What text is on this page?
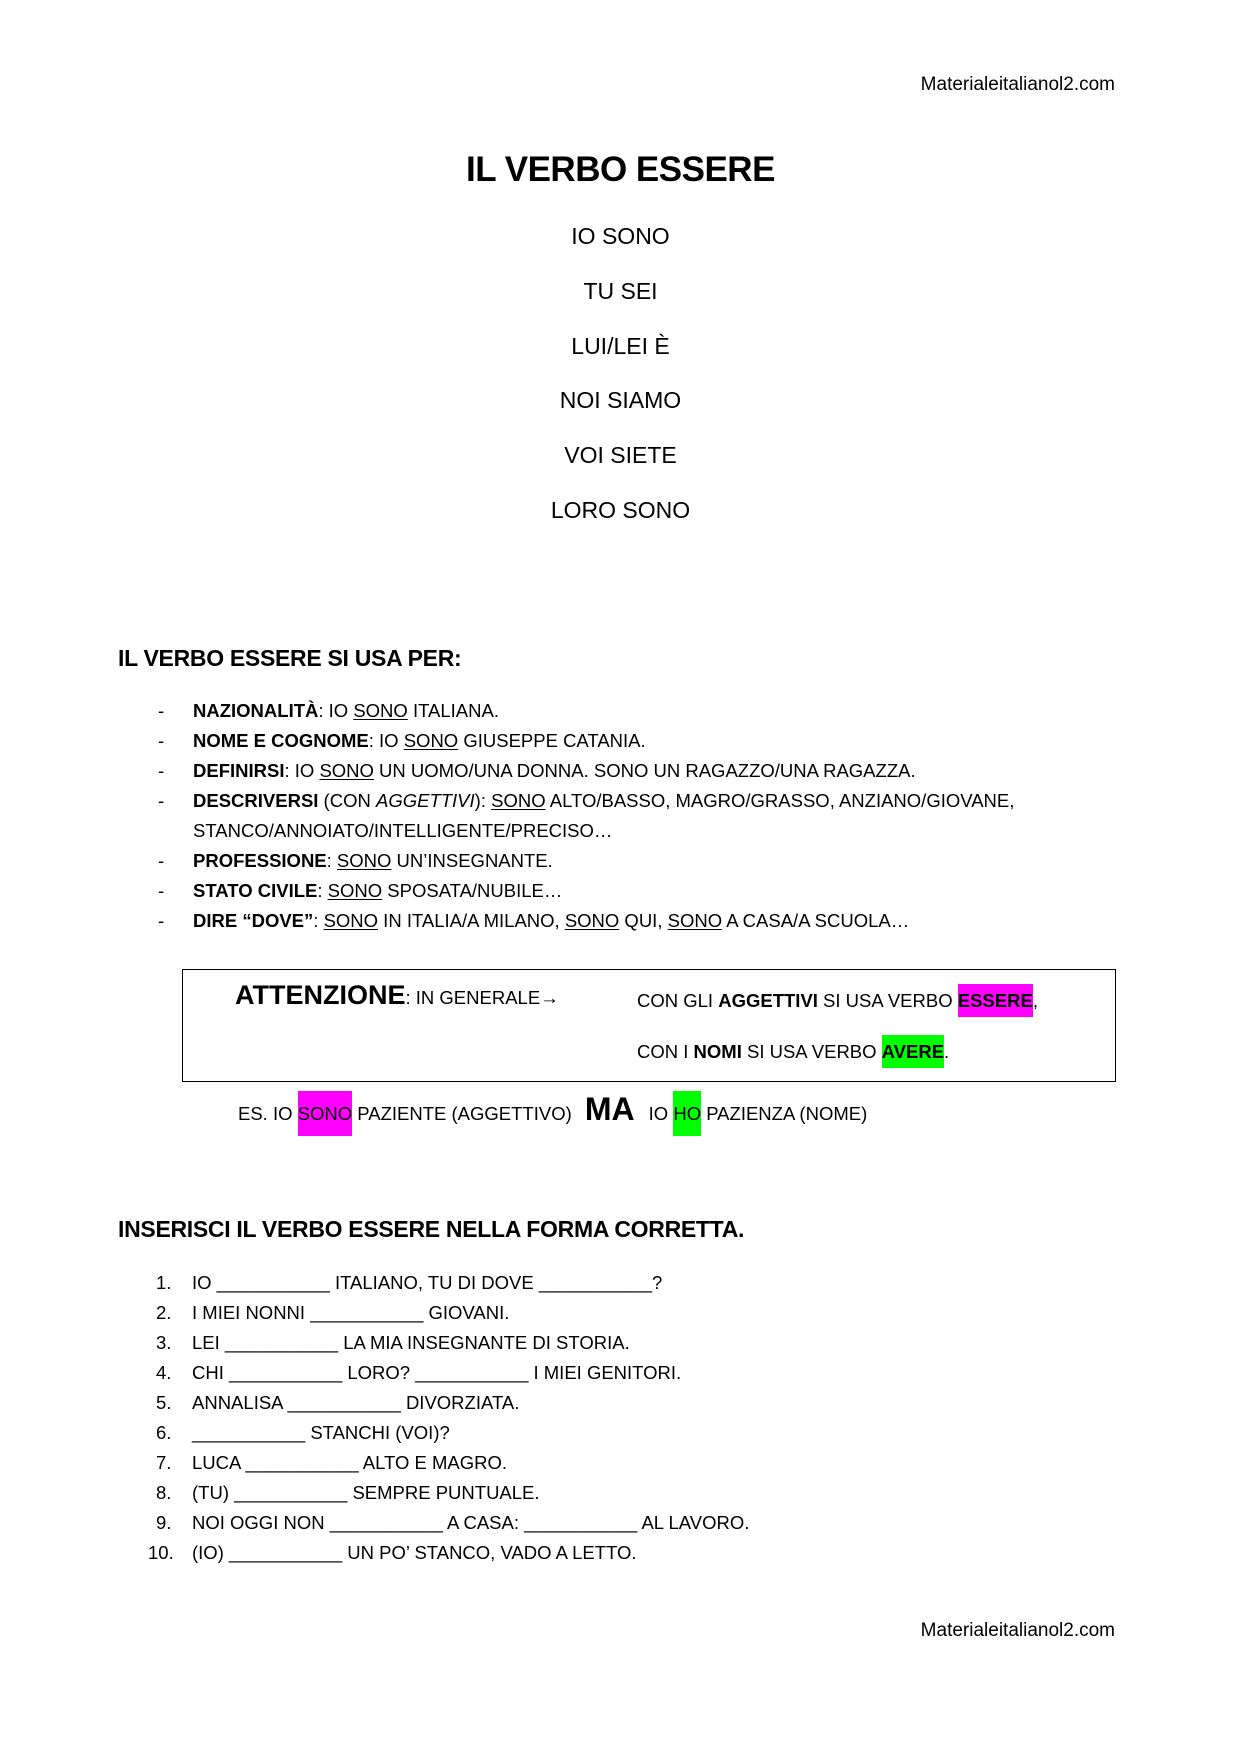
Materialeitalianol2.com
IL VERBO ESSERE
IO SONO
TU SEI
LUI/LEI È
NOI SIAMO
VOI SIETE
LORO SONO
IL VERBO ESSERE SI USA PER:
- NAZIONALITÀ: IO SONO ITALIANA.
- NOME E COGNOME: IO SONO GIUSEPPE CATANIA.
- DEFINIRSI: IO SONO UN UOMO/UNA DONNA. SONO UN RAGAZZO/UNA RAGAZZA.
- DESCRIVERSI (CON AGGETTIVI): SONO ALTO/BASSO, MAGRO/GRASSO, ANZIANO/GIOVANE,
STANCO/ANNOIATO/INTELLIGENTE/PRECISO…
- PROFESSIONE: SONO UN’INSEGNANTE.
- STATO CIVILE: SONO SPOSATA/NUBILE…
- DIRE “DOVE”: SONO IN ITALIA/A MILANO, SONO QUI, SONO A CASA/A SCUOLA…
ATTENZIONE: IN GENERALE→	CON GLI AGGETTIVI SI USA VERBO ESSERE,
CON I NOMI SI USA VERBO AVERE.
ES. IO SONO PAZIENTE (AGGETTIVO) MA IO HO PAZIENZA (NOME)
INSERISCI IL VERBO ESSERE NELLA FORMA CORRETTA.
1. IO ___________ ITALIANO, TU DI DOVE ___________?
2. I MIEI NONNI ___________ GIOVANI.
3. LEI ___________ LA MIA INSEGNANTE DI STORIA.
4. CHI ___________ LORO? ___________ I MIEI GENITORI.
5. ANNALISA ___________ DIVORZIATA.
6. ___________ STANCHI (VOI)?
7. LUCA ___________ ALTO E MAGRO.
8. (TU) ___________ SEMPRE PUNTUALE.
9. NOI OGGI NON ___________ A CASA: ___________ AL LAVORO.
10. (IO) ___________ UN PO’ STANCO, VADO A LETTO.
Materialeitalianol2.com
